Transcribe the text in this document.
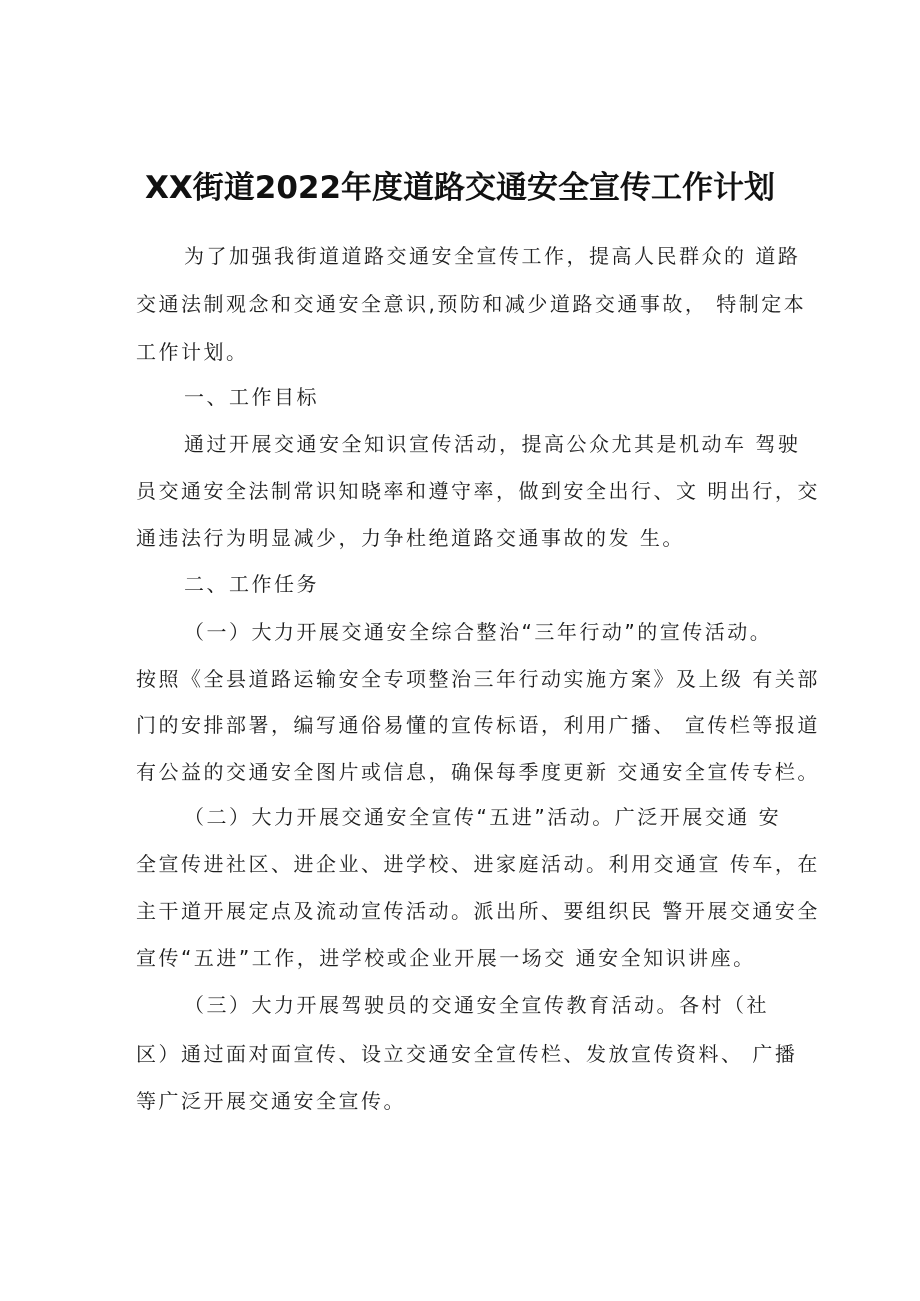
XX街道2022年度道路交通安全宣传工作计划
为了加强我街道道路交通安全宣传工作，提高人民群众的 道路
交通法制观念和交通安全意识,预防和减少道路交通事故， 特制定本
工作计划。
一、工作目标
通过开展交通安全知识宣传活动，提高公众尤其是机动车 驾驶
员交通安全法制常识知晓率和遵守率，做到安全出行、文 明出行，交
通违法行为明显减少，力争杜绝道路交通事故的发 生。
二、工作任务
（一）大力开展交通安全综合整治“三年行动”的宣传活动。
按照《全县道路运输安全专项整治三年行动实施方案》及上级 有关部
门的安排部署，编写通俗易懂的宣传标语，利用广播、 宣传栏等报道
有公益的交通安全图片或信息，确保每季度更新 交通安全宣传专栏。
（二）大力开展交通安全宣传“五进”活动。广泛开展交通 安
全宣传进社区、进企业、进学校、进家庭活动。利用交通宣 传车，在
主干道开展定点及流动宣传活动。派出所、要组织民 警开展交通安全
宣传“五进”工作，进学校或企业开展一场交 通安全知识讲座。
（三）大力开展驾驶员的交通安全宣传教育活动。各村（社
区）通过面对面宣传、设立交通安全宣传栏、发放宣传资料、 广播
等广泛开展交通安全宣传。
